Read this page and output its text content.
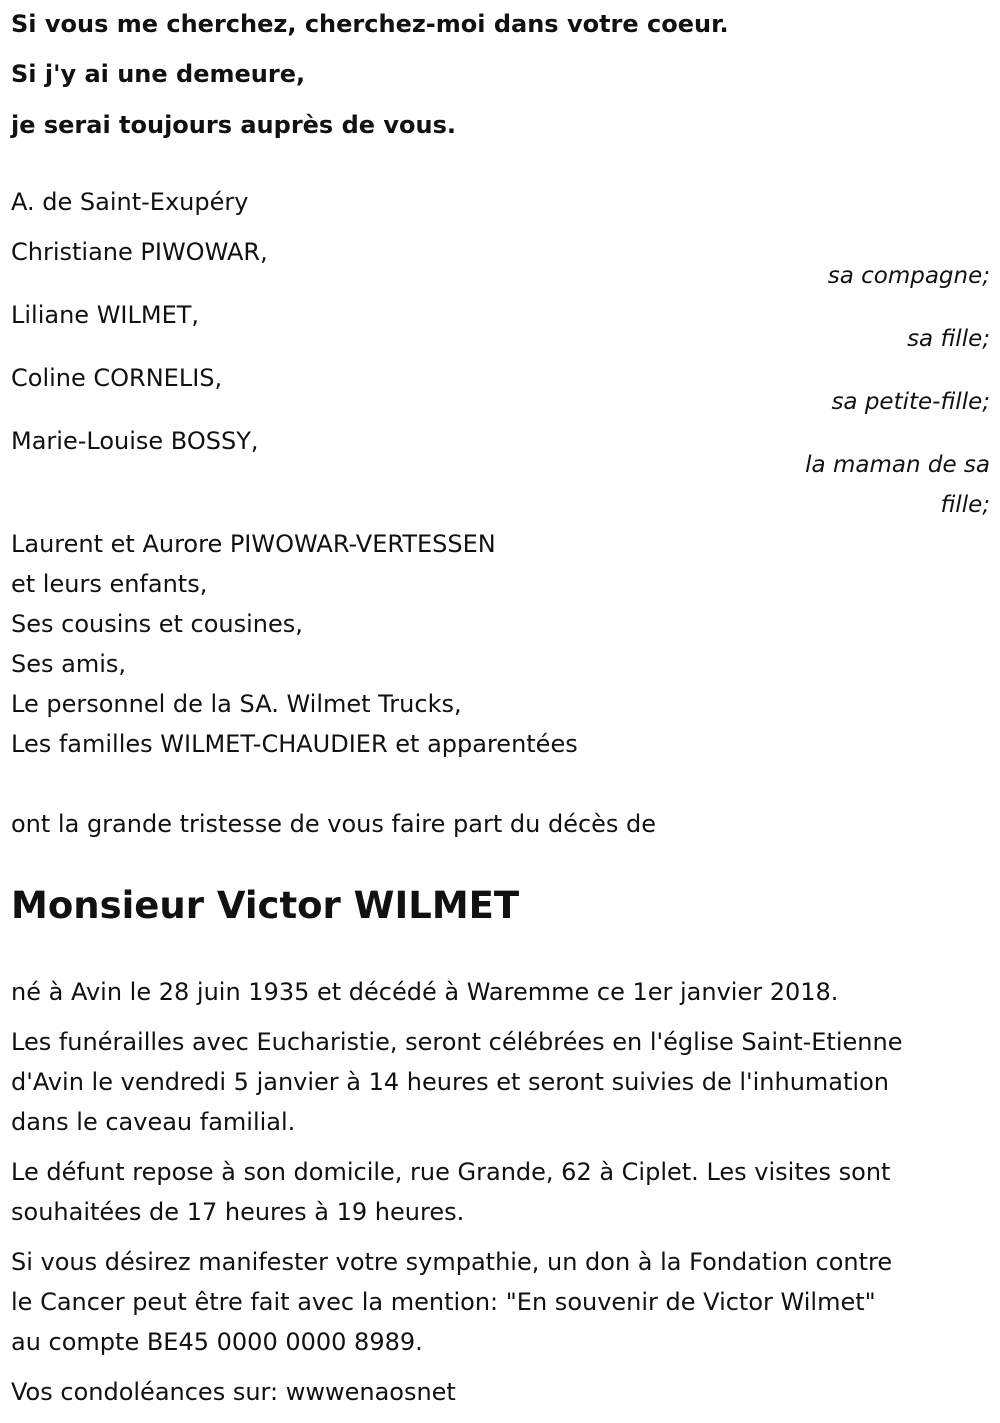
Si vous me cherchez, cherchez-moi dans votre coeur.
Si j'y ai une demeure,
je serai toujours auprès de vous.
A. de Saint-Exupéry
Christiane PIWOWAR,
sa compagne;
Liliane WILMET,
sa fille;
Coline CORNELIS,
sa petite-fille;
Marie-Louise BOSSY,
la maman de sa
fille;
Laurent et Aurore PIWOWAR-VERTESSEN
et leurs enfants,
Ses cousins et cousines,
Ses amis,
Le personnel de la SA. Wilmet Trucks,
Les familles WILMET-CHAUDIER et apparentées
ont la grande tristesse de vous faire part du décès de
Monsieur Victor WILMET
né à Avin le 28 juin 1935 et décédé à Waremme ce 1er janvier 2018.
Les funérailles avec Eucharistie, seront célébrées en l'église Saint-Etienne
d'Avin le vendredi 5 janvier à 14 heures et seront suivies de l'inhumation
dans le caveau familial.
Le défunt repose à son domicile, rue Grande, 62 à Ciplet. Les visites sont
souhaitées de 17 heures à 19 heures.
Si vous désirez manifester votre sympathie, un don à la Fondation contre
le Cancer peut être fait avec la mention: "En souvenir de Victor Wilmet"
au compte BE45 0000 0000 8989.
Vos condoléances sur: wwwenaosnet
